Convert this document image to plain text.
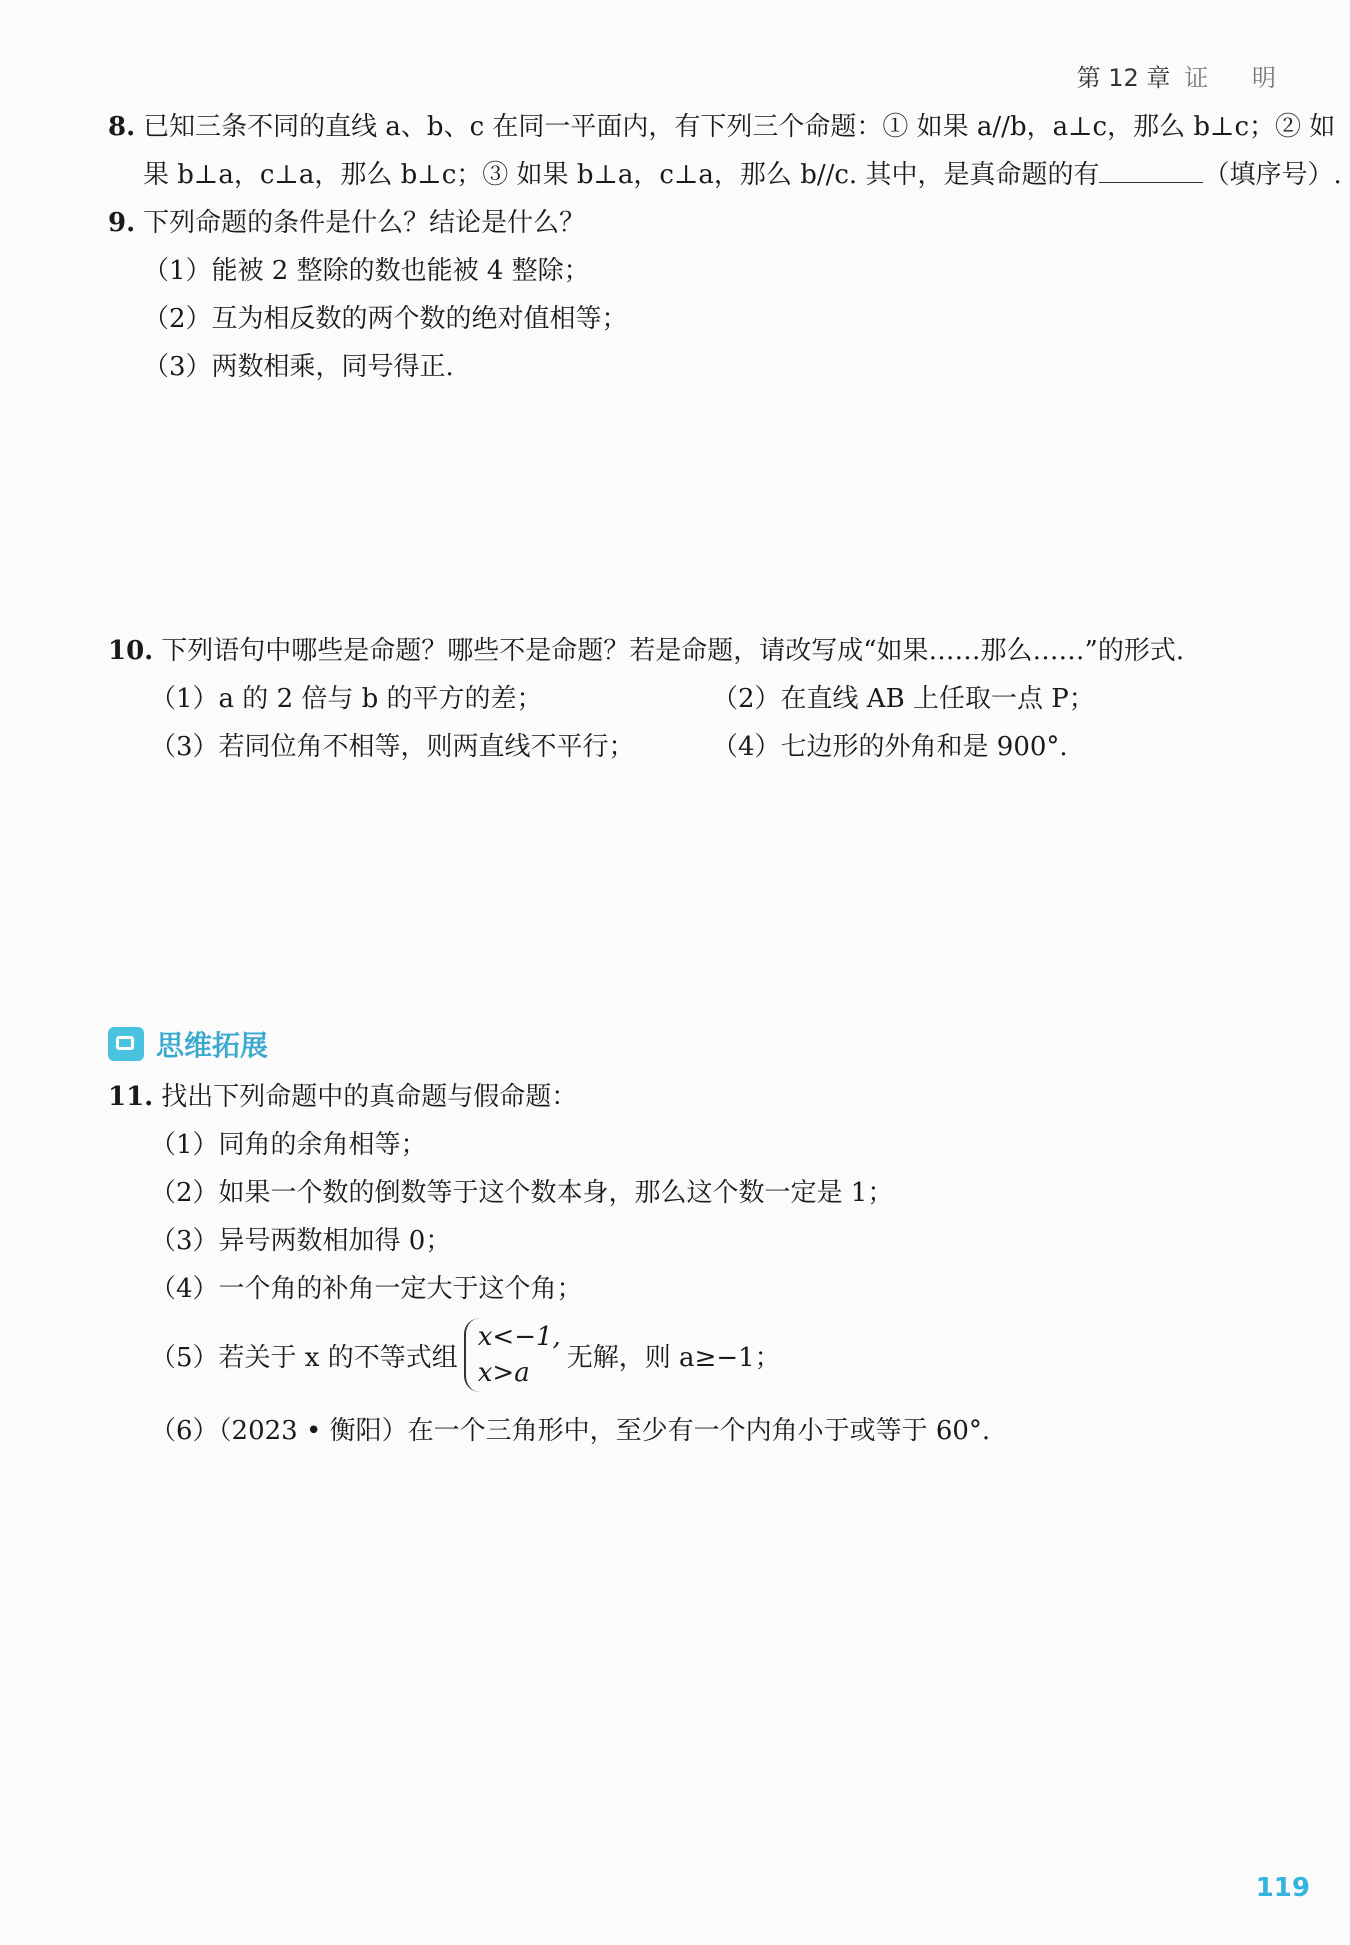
第 12 章 证 明
8. 已知三条不同的直线 a、b、c 在同一平面内，有下列三个命题：① 如果 a//b，a⊥c，那么 b⊥c；② 如
果 b⊥a，c⊥a，那么 b⊥c；③ 如果 b⊥a，c⊥a，那么 b//c. 其中，是真命题的有	（填序号）.
9. 下列命题的条件是什么？结论是什么？
（1）能被 2 整除的数也能被 4 整除；
（2）互为相反数的两个数的绝对值相等；
（3）两数相乘，同号得正.
10. 下列语句中哪些是命题？哪些不是命题？若是命题，请改写成“如果……那么……”的形式.
（1）a 的 2 倍与 b 的平方的差；	（2）在直线 AB 上任取一点 P；
（3）若同位角不相等，则两直线不平行；	（4）七边形的外角和是 900°.
思维拓展
11. 找出下列命题中的真命题与假命题：
（1）同角的余角相等；
（2）如果一个数的倒数等于这个数本身，那么这个数一定是 1；
（3）异号两数相加得 0；
（4）一个角的补角一定大于这个角；
（5）若关于 x 的不等式组
x<−1,
x>a
无解，则 a≥−1；
（6）（2023 • 衡阳）在一个三角形中，至少有一个内角小于或等于 60°.
119
